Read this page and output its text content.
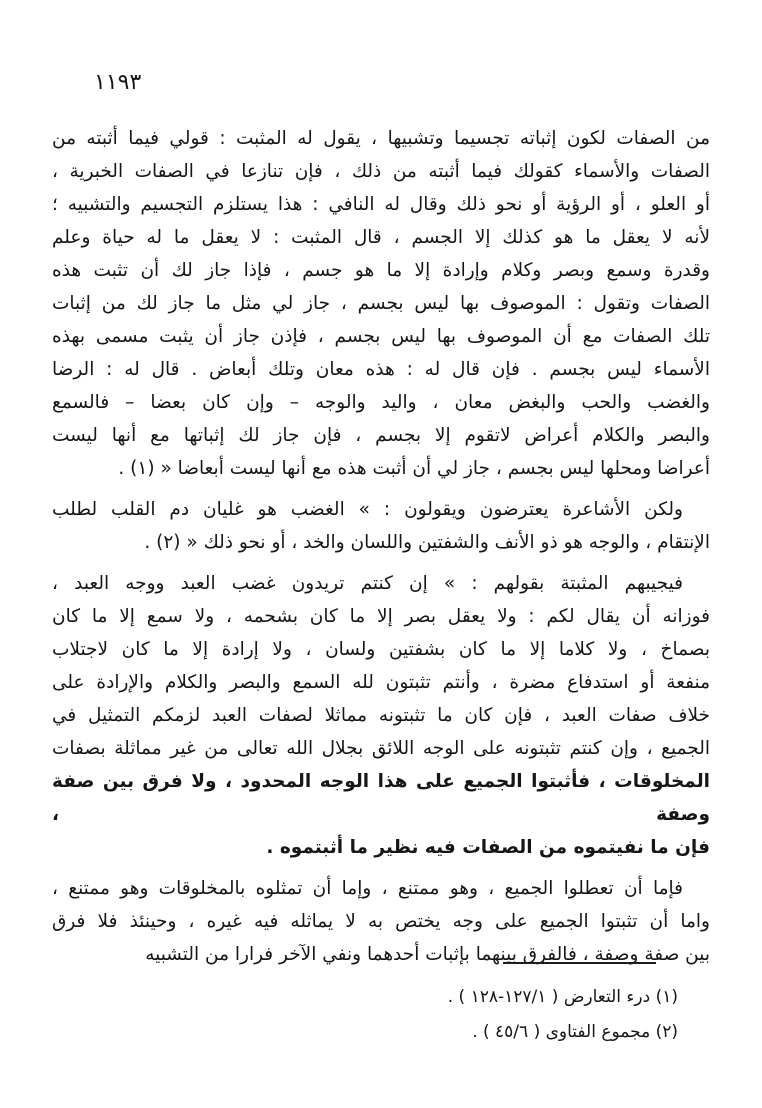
١١٩٣
من الصفات لكون إثباته تجسيما وتشبيها ، يقول له المثبت : قولي فيما أثبته من
الصفات والأسماء كقولك فيما أثبته من ذلك ، فإن تنازعا في الصفات الخبرية ،
أو العلو ، أو الرؤية أو نحو ذلك وقال له النافي : هذا يستلزم التجسيم والتشبيه ؛
لأنه لا يعقل ما هو كذلك إلا الجسم ، قال المثبت : لا يعقل ما له حياة وعلم
وقدرة وسمع وبصر وكلام وإرادة إلا ما هو جسم ، فإذا جاز لك أن تثبت هذه
الصفات وتقول : الموصوف بها ليس بجسم ، جاز لي مثل ما جاز لك من إثبات
تلك الصفات مع أن الموصوف بها ليس بجسم ، فإذن جاز أن يثبت مسمى بهذه
الأسماء ليس بجسم . فإن قال له : هذه معان وتلك أبعاض . قال له : الرضا
والغضب والحب والبغض معان ، واليد والوجه – وإن كان بعضا – فالسمع
والبصر والكلام أعراض لاتقوم إلا بجسم ، فإن جاز لك إثباتها مع أنها ليست
أعراضا ومحلها ليس بجسم ، جاز لي أن أثبت هذه مع أنها ليست أبعاضا « (١) .
ولكن الأشاعرة يعترضون ويقولون : » الغضب هو غليان دم القلب لطلب
الإنتقام ، والوجه هو ذو الأنف والشفتين واللسان والخد ، أو نحو ذلك « (٢) .
فيجيبهم المثبتة بقولهم : » إن كنتم تريدون غضب العبد ووجه العبد ،
فوزانه أن يقال لكم : ولا يعقل بصر إلا ما كان بشحمه ، ولا سمع إلا ما كان
بصماخ ، ولا كلاما إلا ما كان بشفتين ولسان ، ولا إرادة إلا ما كان لاجتلاب
منفعة أو استدفاع مضرة ، وأنتم تثبتون لله السمع والبصر والكلام والإرادة على
خلاف صفات العبد ، فإن كان ما تثبتونه مماثلا لصفات العبد لزمكم التمثيل في
الجميع ، وإن كنتم تثبتونه على الوجه اللائق بجلال الله تعالى من غير مماثلة بصفات
المخلوقات ، فأثبتوا الجميع على هذا الوجه المحدود ، ولا فرق بين صفة وصفة ،
فإن ما نفيتموه من الصفات فيه نظير ما أثبتموه .
فإما أن تعطلوا الجميع ، وهو ممتنع ، وإما أن تمثلوه بالمخلوقات وهو ممتنع ،
واما أن تثبتوا الجميع على وجه يختص به لا يماثله فيه غيره ، وحينئذ فلا فرق
بين صفة وصفة ، فالفرق بينهما بإثبات أحدهما ونفي الآخر فرارا من التشبيه
(١) درء التعارض ( ١٢٧/١-١٢٨ ) .
(٢) مجموع الفتاوى ( ٤٥/٦ ) .
